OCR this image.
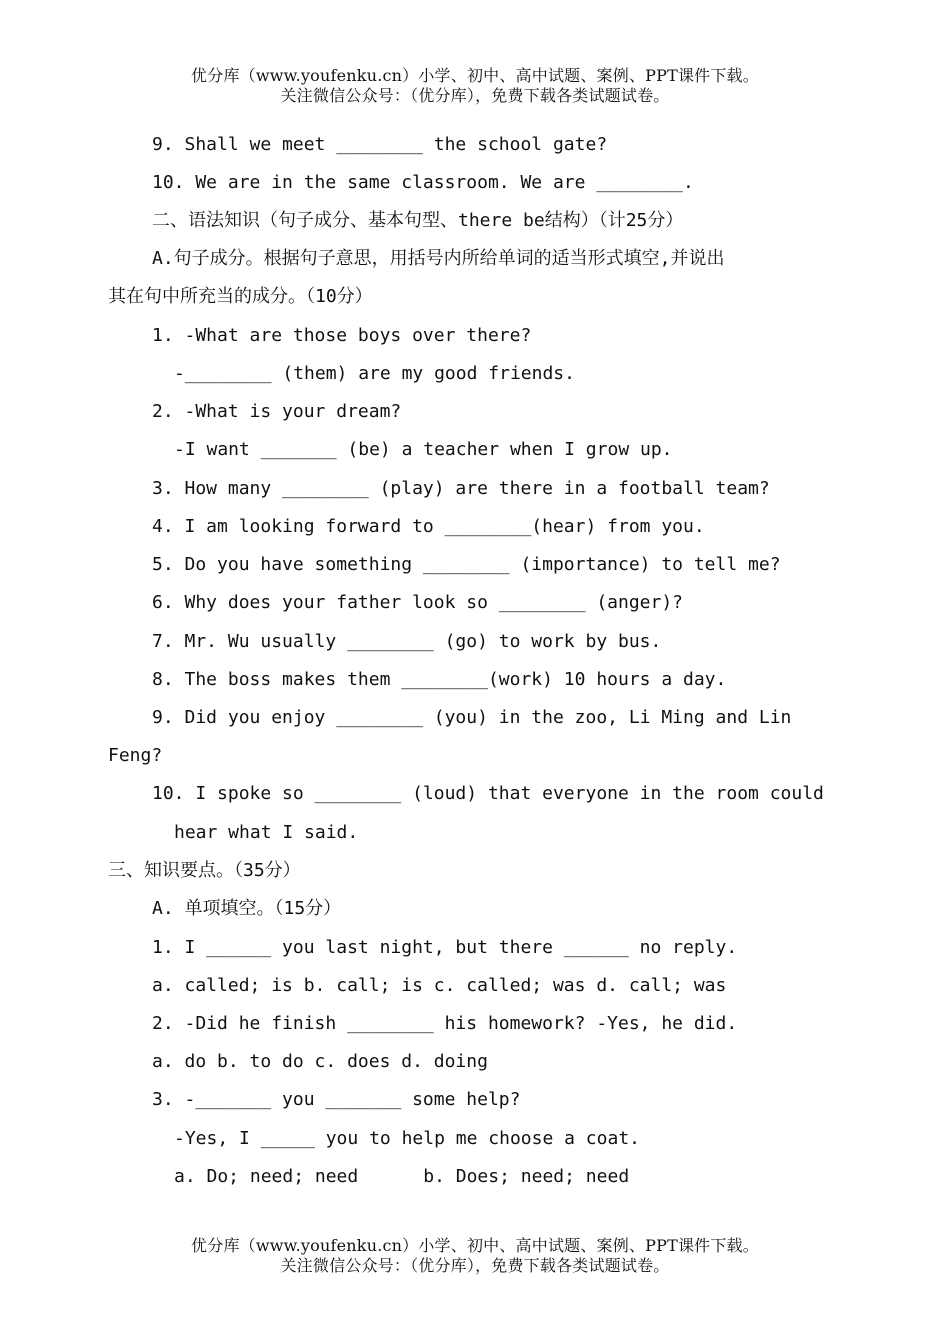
优分库（www.youfenku.cn）小学、初中、高中试题、案例、PPT课件下载。
关注微信公众号：（优分库），免费下载各类试题试卷。
9. Shall we meet ________ the school gate?
10. We are in the same classroom. We are ________.
二、语法知识（句子成分、基本句型、there be结构）（计25分）
A.句子成分。根据句子意思，用括号内所给单词的适当形式填空,并说出
其在句中所充当的成分。（10分）
1. -What are those boys over there?
-________ (them) are my good friends.
2. -What is your dream?
-I want _______ (be) a teacher when I grow up.
3. How many ________ (play) are there in a football team?
4. I am looking forward to ________(hear) from you.
5. Do you have something ________ (importance) to tell me?
6. Why does your father look so ________ (anger)?
7. Mr. Wu usually ________ (go) to work by bus.
8. The boss makes them ________(work) 10 hours a day.
9. Did you enjoy ________ (you) in the zoo, Li Ming and Lin
Feng?
10. I spoke so ________ (loud) that everyone in the room could
hear what I said.
三、知识要点。（35分）
A. 单项填空。（15分）
1. I ______ you last night, but there ______ no reply.
a. called; is b. call; is c. called; was d. call; was
2. -Did he finish ________ his homework? -Yes, he did.
a. do b. to do c. does d. doing
3. -_______ you _______ some help?
-Yes, I _____ you to help me choose a coat.
a. Do; need; need      b. Does; need; need
优分库（www.youfenku.cn）小学、初中、高中试题、案例、PPT课件下载。
关注微信公众号：（优分库），免费下载各类试题试卷。
